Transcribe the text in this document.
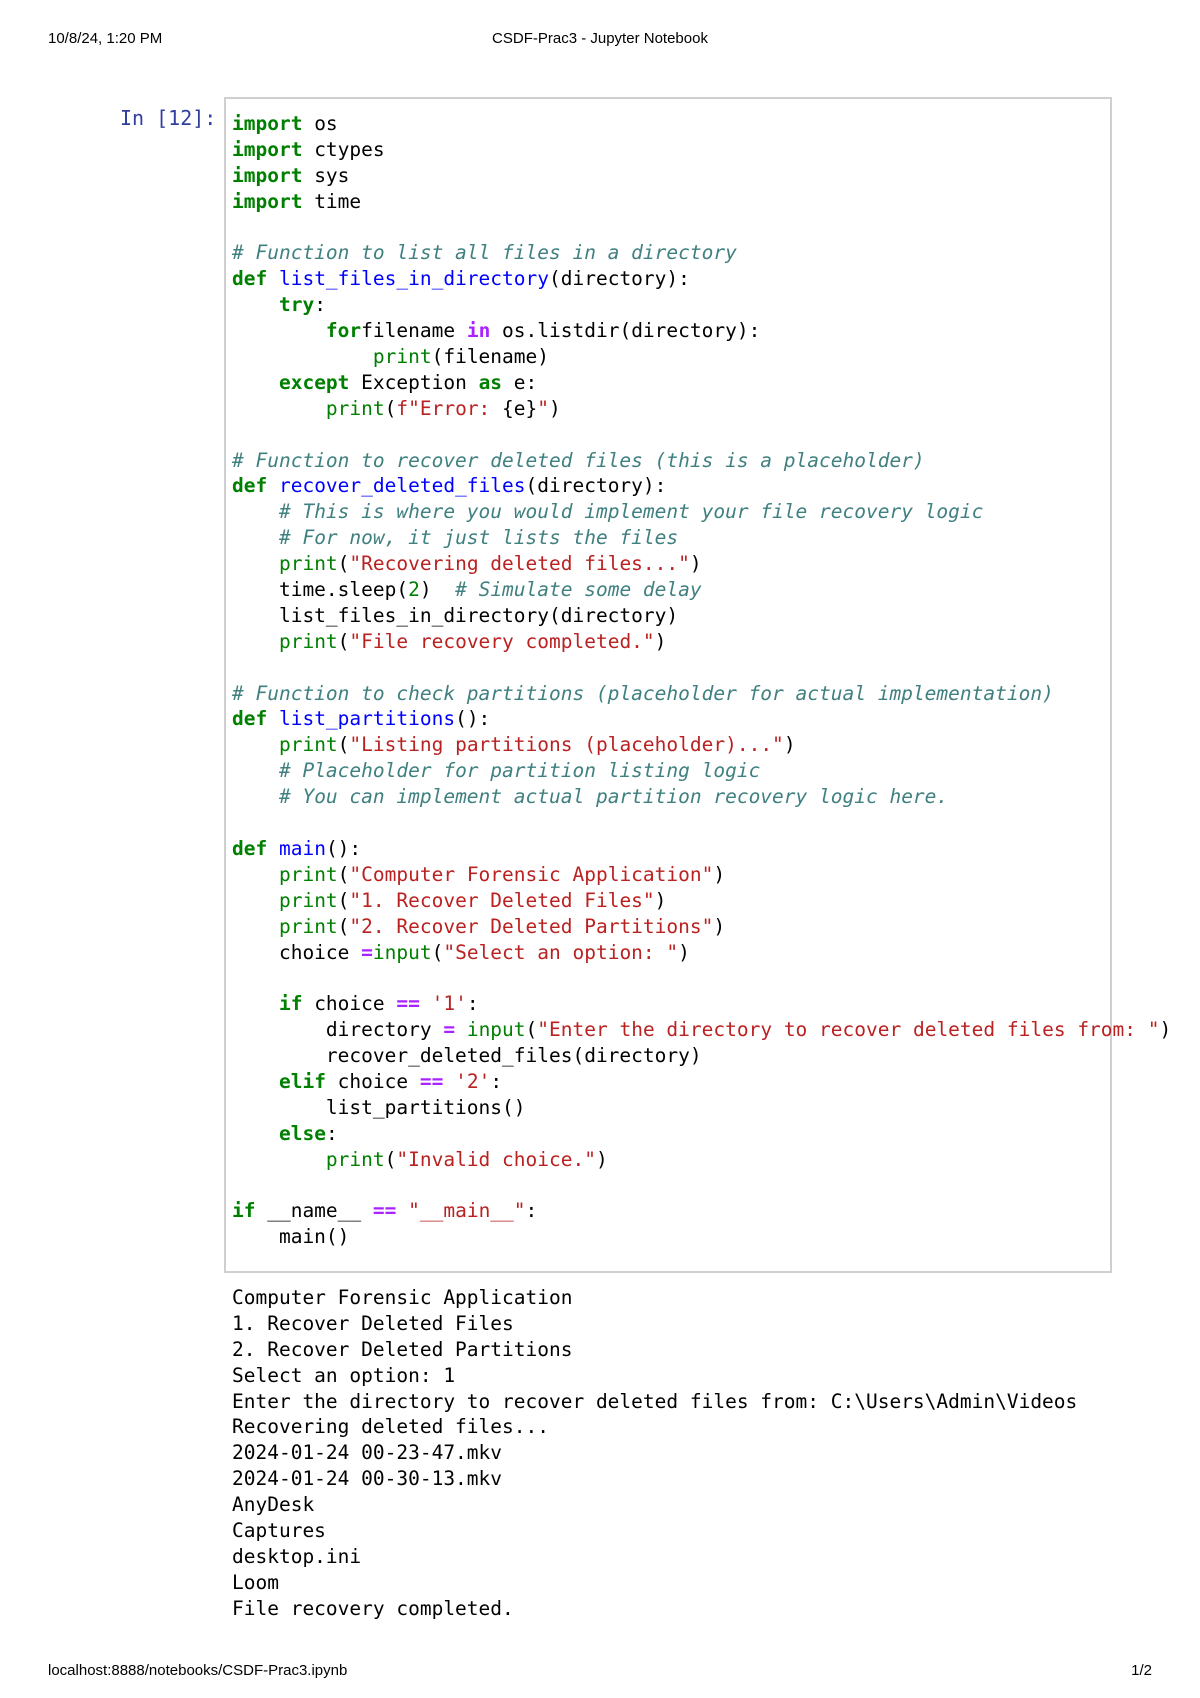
10/8/24, 1:20 PM	CSDF-Prac3 - Jupyter Notebook
In [12]: import os
import ctypes
import sys
import time

# Function to list all files in a directory
def list_files_in_directory(directory):
try:
forfilename in os.listdir(directory):
print(filename)
except Exception as e:
print(f"Error: {e}")

# Function to recover deleted files (this is a placeholder)
def recover_deleted_files(directory):
# This is where you would implement your file recovery logic
# For now, it just lists the files
print("Recovering deleted files...")
time.sleep(2)  # Simulate some delay
list_files_in_directory(directory)
print("File recovery completed.")

# Function to check partitions (placeholder for actual implementation)
def list_partitions():
print("Listing partitions (placeholder)...")
# Placeholder for partition listing logic
# You can implement actual partition recovery logic here.

def main():
print("Computer Forensic Application")
print("1. Recover Deleted Files")
print("2. Recover Deleted Partitions")
choice =input("Select an option: ")

if choice == '1':
directory = input("Enter the directory to recover deleted files from: ")
recover_deleted_files(directory)
elif choice == '2':
list_partitions()
else:
print("Invalid choice.")

if __name__ == "__main__":
main()
Computer Forensic Application
1. Recover Deleted Files
2. Recover Deleted Partitions
Select an option: 1
Enter the directory to recover deleted files from: C:\Users\Admin\Videos
Recovering deleted files...
2024-01-24 00-23-47.mkv
2024-01-24 00-30-13.mkv
AnyDesk
Captures
desktop.ini
Loom
File recovery completed.
localhost:8888/notebooks/CSDF-Prac3.ipynb	1/2
